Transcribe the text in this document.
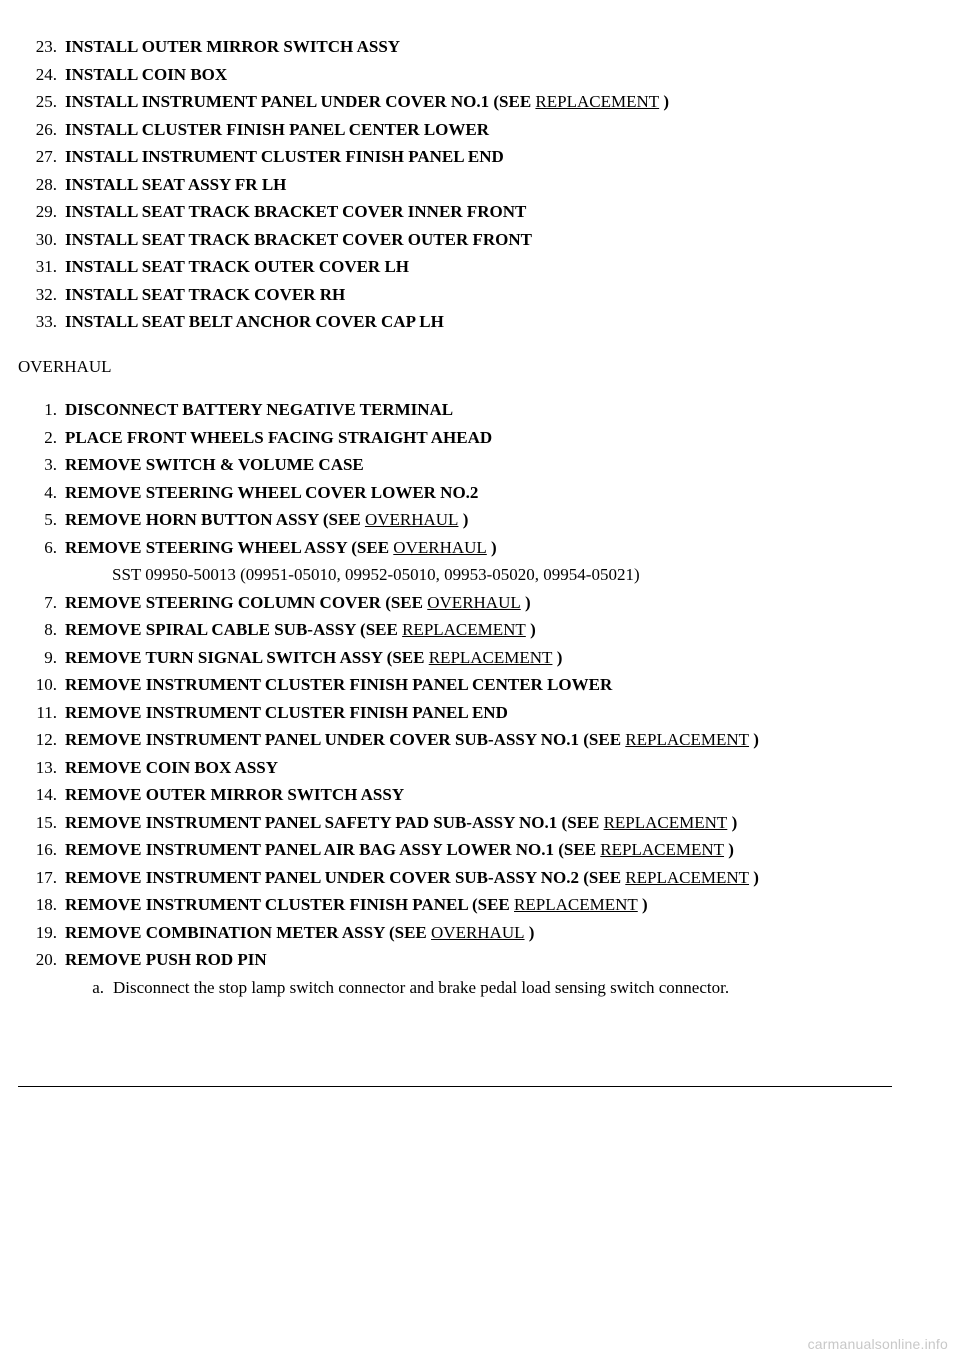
23. INSTALL OUTER MIRROR SWITCH ASSY
24. INSTALL COIN BOX
25. INSTALL INSTRUMENT PANEL UNDER COVER NO.1 (SEE REPLACEMENT )
26. INSTALL CLUSTER FINISH PANEL CENTER LOWER
27. INSTALL INSTRUMENT CLUSTER FINISH PANEL END
28. INSTALL SEAT ASSY FR LH
29. INSTALL SEAT TRACK BRACKET COVER INNER FRONT
30. INSTALL SEAT TRACK BRACKET COVER OUTER FRONT
31. INSTALL SEAT TRACK OUTER COVER LH
32. INSTALL SEAT TRACK COVER RH
33. INSTALL SEAT BELT ANCHOR COVER CAP LH
OVERHAUL
1. DISCONNECT BATTERY NEGATIVE TERMINAL
2. PLACE FRONT WHEELS FACING STRAIGHT AHEAD
3. REMOVE SWITCH & VOLUME CASE
4. REMOVE STEERING WHEEL COVER LOWER NO.2
5. REMOVE HORN BUTTON ASSY (SEE OVERHAUL )
6. REMOVE STEERING WHEEL ASSY (SEE OVERHAUL )
SST 09950-50013 (09951-05010, 09952-05010, 09953-05020, 09954-05021)
7. REMOVE STEERING COLUMN COVER (SEE OVERHAUL )
8. REMOVE SPIRAL CABLE SUB-ASSY (SEE REPLACEMENT )
9. REMOVE TURN SIGNAL SWITCH ASSY (SEE REPLACEMENT )
10. REMOVE INSTRUMENT CLUSTER FINISH PANEL CENTER LOWER
11. REMOVE INSTRUMENT CLUSTER FINISH PANEL END
12. REMOVE INSTRUMENT PANEL UNDER COVER SUB-ASSY NO.1 (SEE REPLACEMENT )
13. REMOVE COIN BOX ASSY
14. REMOVE OUTER MIRROR SWITCH ASSY
15. REMOVE INSTRUMENT PANEL SAFETY PAD SUB-ASSY NO.1 (SEE REPLACEMENT )
16. REMOVE INSTRUMENT PANEL AIR BAG ASSY LOWER NO.1 (SEE REPLACEMENT )
17. REMOVE INSTRUMENT PANEL UNDER COVER SUB-ASSY NO.2 (SEE REPLACEMENT )
18. REMOVE INSTRUMENT CLUSTER FINISH PANEL (SEE REPLACEMENT )
19. REMOVE COMBINATION METER ASSY (SEE OVERHAUL )
20. REMOVE PUSH ROD PIN
a. Disconnect the stop lamp switch connector and brake pedal load sensing switch connector.
carmanualsonline.info
